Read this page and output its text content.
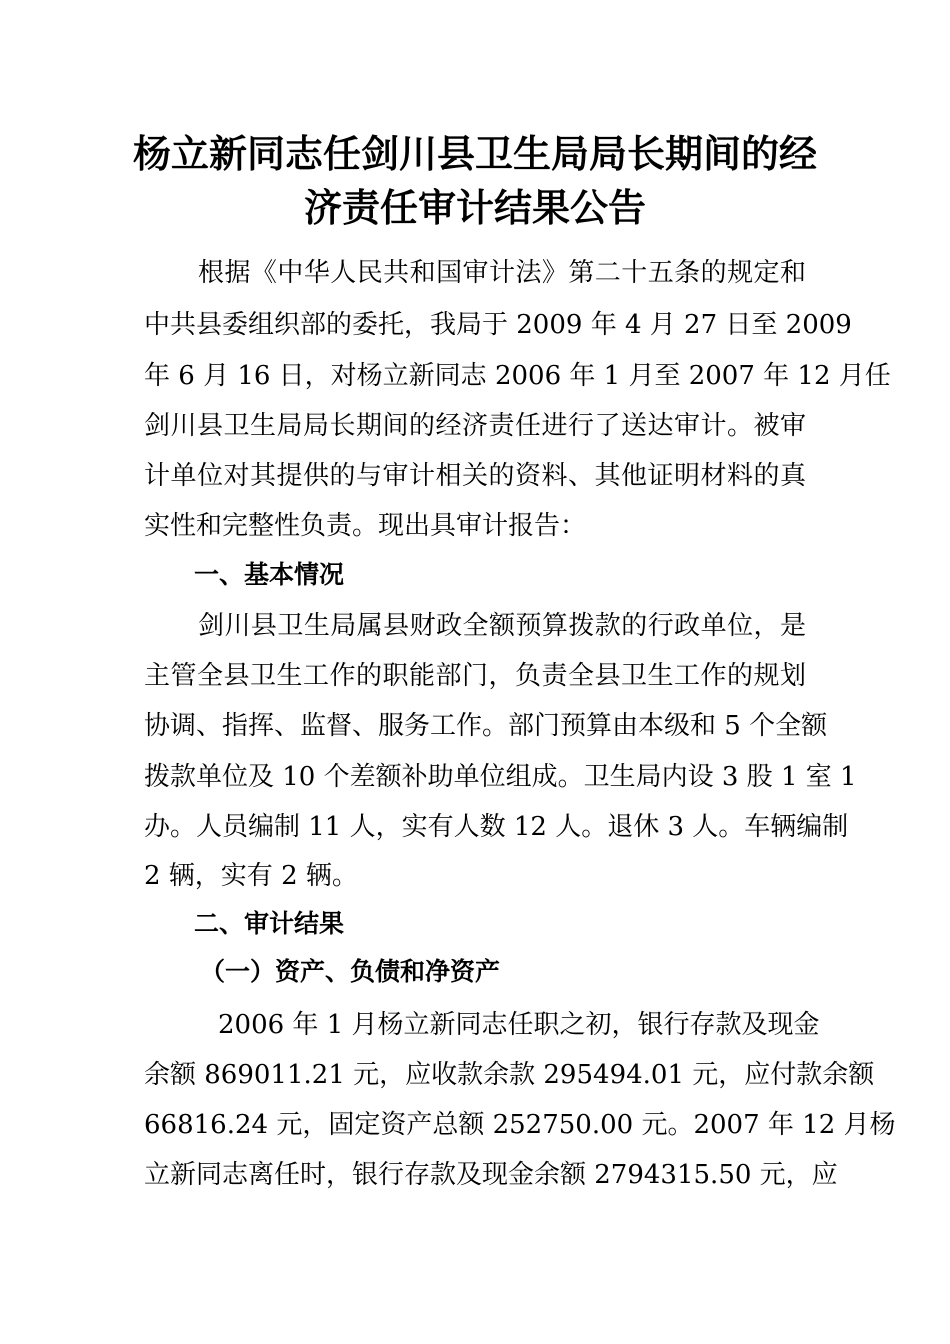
杨立新同志任剑川县卫生局局长期间的经
济责任审计结果公告
根据《中华人民共和国审计法》第二十五条的规定和
中共县委组织部的委托，我局于 2009 年 4 月 27 日至 2009
年 6 月 16 日，对杨立新同志 2006 年 1 月至 2007 年 12 月任
剑川县卫生局局长期间的经济责任进行了送达审计。被审
计单位对其提供的与审计相关的资料、其他证明材料的真
实性和完整性负责。现出具审计报告：
一、基本情况
剑川县卫生局属县财政全额预算拨款的行政单位，是
主管全县卫生工作的职能部门，负责全县卫生工作的规划
协调、指挥、监督、服务工作。部门预算由本级和 5 个全额
拨款单位及 10 个差额补助单位组成。卫生局内设 3 股 1 室 1
办。人员编制 11 人，实有人数 12 人。退休 3 人。车辆编制
2 辆，实有 2 辆。
二、审计结果
（一）资产、负债和净资产
2006 年 1 月杨立新同志任职之初，银行存款及现金
余额 869011.21 元，应收款余款 295494.01 元，应付款余额
66816.24 元，固定资产总额 252750.00 元。2007 年 12 月杨
立新同志离任时，银行存款及现金余额 2794315.50 元，应
